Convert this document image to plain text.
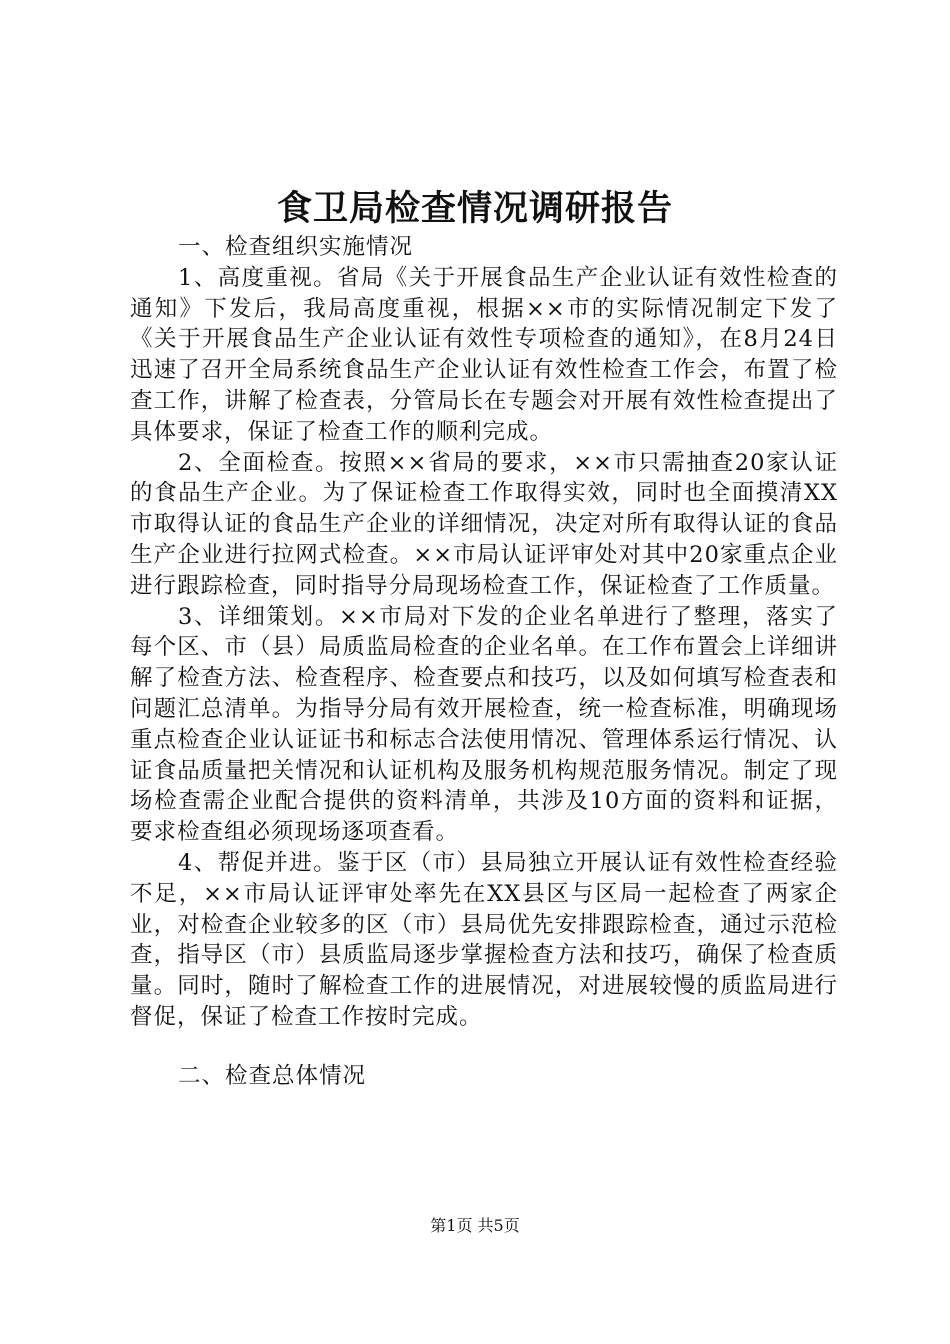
食卫局检查情况调研报告

一、检查组织实施情况

1、高度重视。省局《关于开展食品生产企业认证有效性检查的通知》下发后，我局高度重视，根据××市的实际情况制定下发了《关于开展食品生产企业认证有效性专项检查的通知》，在8月24日迅速了召开全局系统食品生产企业认证有效性检查工作会，布置了检查工作，讲解了检查表，分管局长在专题会对开展有效性检查提出了具体要求，保证了检查工作的顺利完成。

2、全面检查。按照××省局的要求，××市只需抽查20家认证的食品生产企业。为了保证检查工作取得实效，同时也全面摸清XX市取得认证的食品生产企业的详细情况，决定对所有取得认证的食品生产企业进行拉网式检查。××市局认证评审处对其中20家重点企业进行跟踪检查，同时指导分局现场检查工作，保证检查了工作质量。

3、详细策划。××市局对下发的企业名单进行了整理，落实了每个区、市（县）局质监局检查的企业名单。在工作布置会上详细讲解了检查方法、检查程序、检查要点和技巧，以及如何填写检查表和问题汇总清单。为指导分局有效开展检查，统一检查标准，明确现场重点检查企业认证证书和标志合法使用情况、管理体系运行情况、认证食品质量把关情况和认证机构及服务机构规范服务情况。制定了现场检查需企业配合提供的资料清单，共涉及10方面的资料和证据，要求检查组必须现场逐项查看。

4、帮促并进。鉴于区（市）县局独立开展认证有效性检查经验不足，××市局认证评审处率先在XX县区与区局一起检查了两家企业，对检查企业较多的区（市）县局优先安排跟踪检查，通过示范检查，指导区（市）县质监局逐步掌握检查方法和技巧，确保了检查质量。同时，随时了解检查工作的进展情况，对进展较慢的质监局进行督促，保证了检查工作按时完成。

二、检查总体情况

第1页 共5页
